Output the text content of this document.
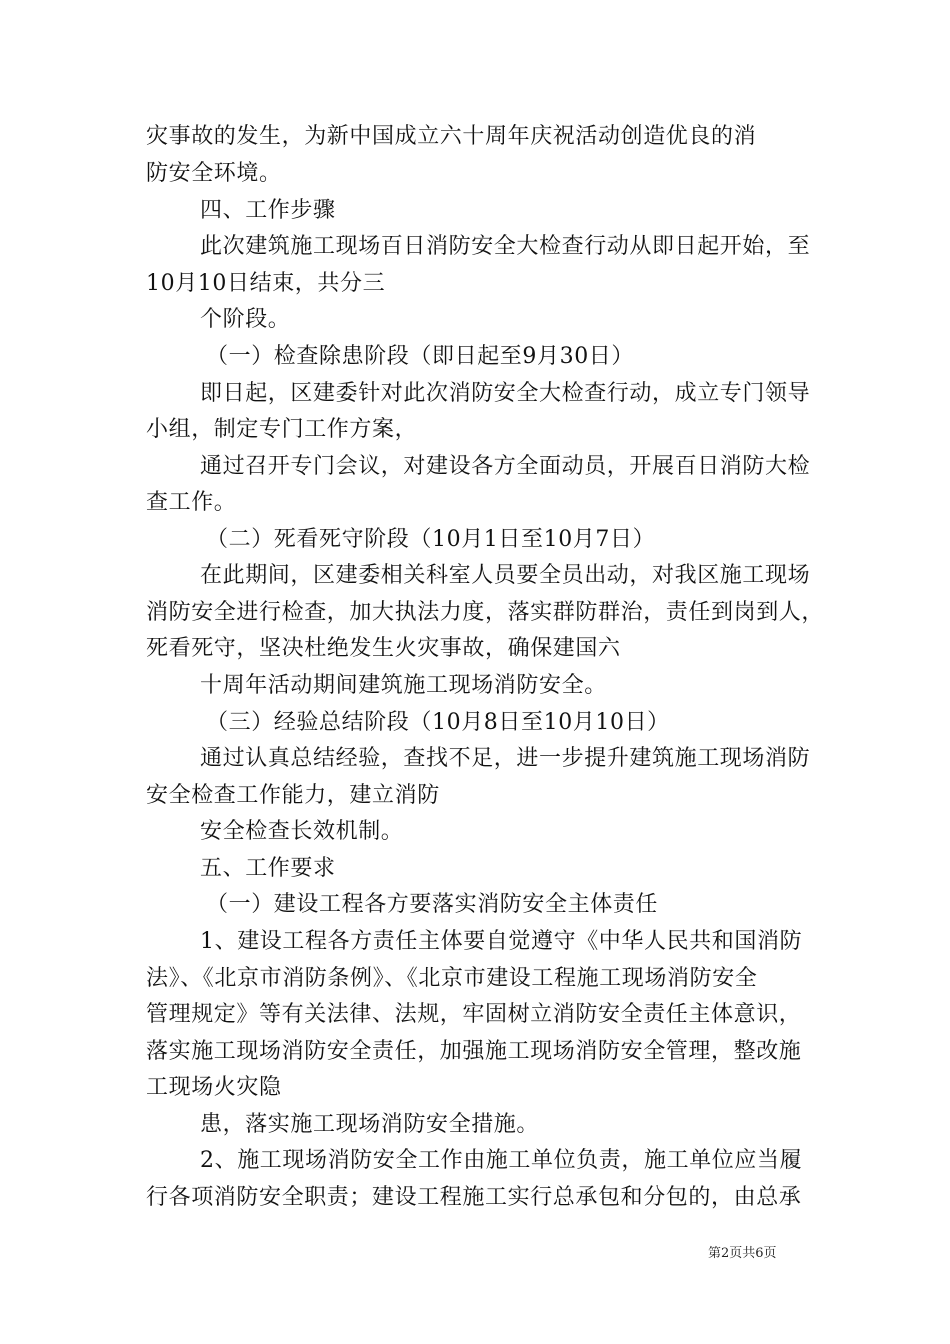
灾事故的发生，为新中国成立六十周年庆祝活动创造优良的消
防安全环境。
四、工作步骤
此次建筑施工现场百日消防安全大检查行动从即日起开始，至
10月10日结束，共分三
个阶段。
（一）检查除患阶段（即日起至9月30日）
即日起，区建委针对此次消防安全大检查行动，成立专门领导
小组，制定专门工作方案，
通过召开专门会议，对建设各方全面动员，开展百日消防大检
查工作。
（二）死看死守阶段（10月1日至10月7日）
在此期间，区建委相关科室人员要全员出动，对我区施工现场
消防安全进行检查，加大执法力度，落实群防群治，责任到岗到人，
死看死守，坚决杜绝发生火灾事故，确保建国六
十周年活动期间建筑施工现场消防安全。
（三）经验总结阶段（10月8日至10月10日）
通过认真总结经验，查找不足，进一步提升建筑施工现场消防
安全检查工作能力，建立消防
安全检查长效机制。
五、工作要求
（一）建设工程各方要落实消防安全主体责任
1、建设工程各方责任主体要自觉遵守《中华人民共和国消防
法》、《北京市消防条例》、《北京市建设工程施工现场消防安全
管理规定》等有关法律、法规，牢固树立消防安全责任主体意识，
落实施工现场消防安全责任，加强施工现场消防安全管理，整改施
工现场火灾隐
患，落实施工现场消防安全措施。
2、施工现场消防安全工作由施工单位负责，施工单位应当履
行各项消防安全职责；建设工程施工实行总承包和分包的，由总承
第2页共6页
